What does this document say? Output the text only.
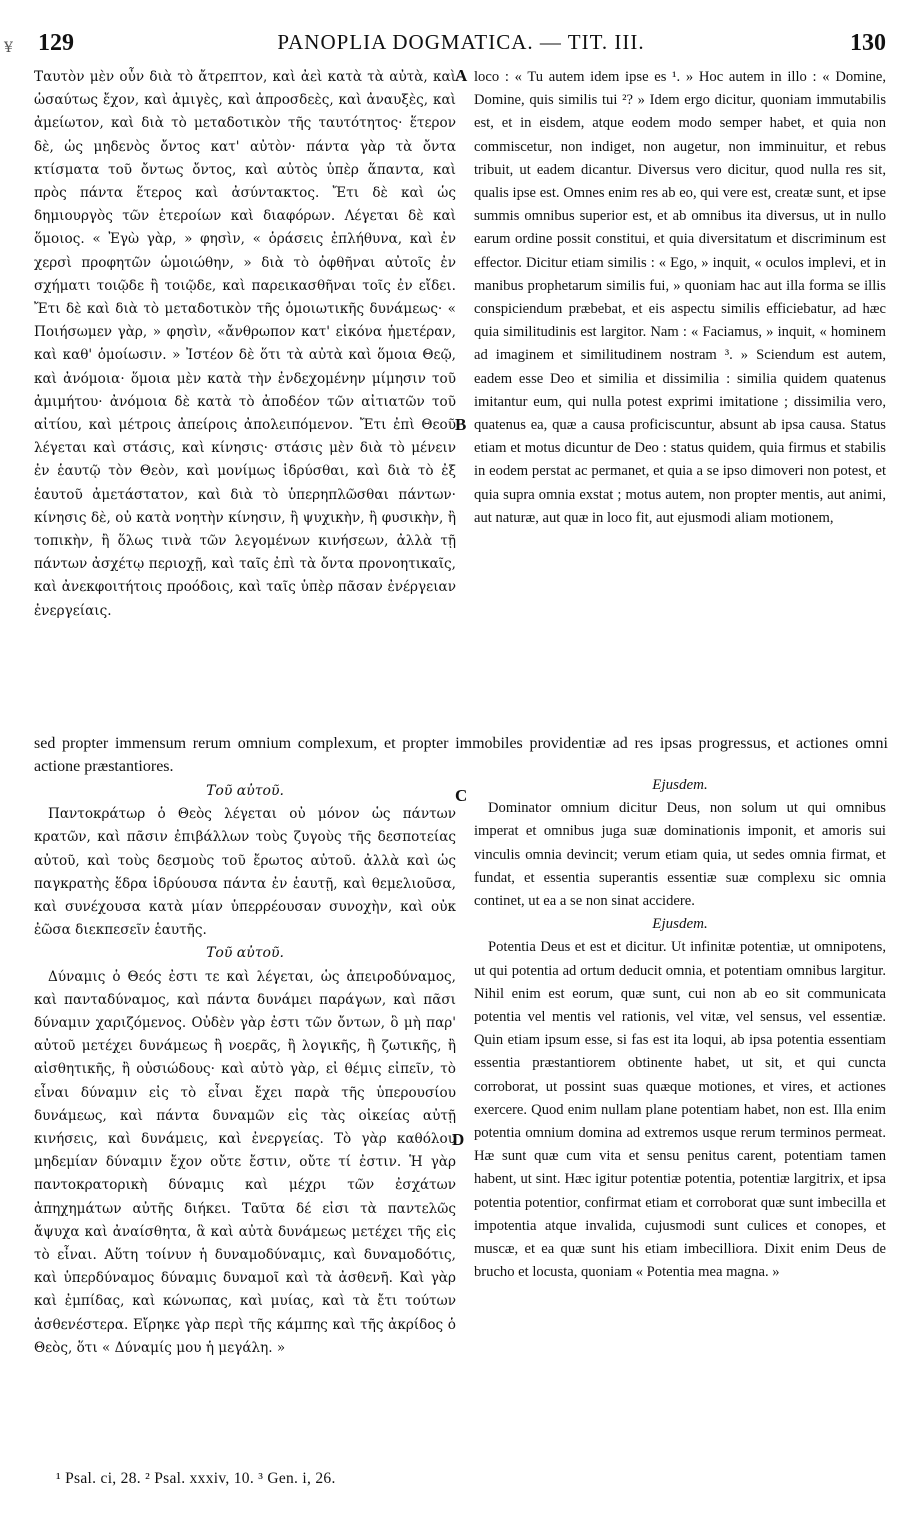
¥ 129	PANOPLIA DOGMATICA. — TIT. III.	130

Ταυτὸν μὲν οὖν διὰ τὸ ἄτρεπτον, καὶ ἀεὶ κατὰ τὰ αὐτὰ, καὶ ὡσαύτως ἔχον, καὶ ἀμιγὲς, καὶ ἀπροσδεὲς, καὶ ἀναυξὲς, καὶ ἀμείωτον, καὶ διὰ τὸ μεταδοτικὸν τῆς ταυτότητος· ἕτερον δὲ, ὡς μηδενὸς ὄντος κατ' αὐτὸν· πάντα γὰρ τὰ ὄντα κτίσματα τοῦ ὄντως ὄντος, καὶ αὐτὸς ὑπὲρ ἅπαντα, καὶ πρὸς πάντα ἕτερος καὶ ἀσύντακτος. Ἔτι δὲ καὶ ὡς δημιουργὸς τῶν ἑτεροίων καὶ διαφόρων. Λέγεται δὲ καὶ ὅμοιος. « Ἐγὼ γὰρ, » φησὶν, « ὁράσεις ἐπλήθυνα, καὶ ἐν χερσὶ προφητῶν ὡμοιώθην, » διὰ τὸ ὀφθῆναι αὐτοῖς ἐν σχήματι τοιῷδε ἢ τοιῷδε, καὶ παρεικασθῆναι τοῖς ἐν εἴδει. Ἔτι δὲ καὶ διὰ τὸ μεταδοτικὸν τῆς ὁμοιωτικῆς δυνάμεως· « Ποιήσωμεν γὰρ, » φησὶν, «ἄνθρωπον κατ' εἰκόνα ἡμετέραν, καὶ καθ' ὁμοίωσιν. » Ἰστέον δὲ ὅτι τὰ αὐτὰ καὶ ὅμοια Θεῷ, καὶ ἀνόμοια· ὅμοια μὲν κατὰ τὴν ἐνδεχομένην μίμησιν τοῦ ἀμιμήτου· ἀνόμοια δὲ κατὰ τὸ ἀποδέον τῶν αἰτιατῶν τοῦ αἰτίου, καὶ μέτροις ἀπείροις ἀπολειπόμενον. Ἔτι ἐπὶ Θεοῦ λέγεται καὶ στάσις, καὶ κίνησις· στάσις μὲν διὰ τὸ μένειν ἐν ἑαυτῷ τὸν Θεὸν, καὶ μονίμως ἱδρύσθαι, καὶ διὰ τὸ ἐξ ἑαυτοῦ ἀμετάστατον, καὶ διὰ τὸ ὑπερηπλῶσθαι πάντων· κίνησις δὲ, οὐ κατὰ νοητὴν κίνησιν, ἢ ψυχικὴν, ἢ φυσικὴν, ἢ τοπικὴν, ἢ ὅλως τινὰ τῶν λεγομένων κινήσεων, ἀλλὰ τῇ πάντων ἀσχέτῳ περιοχῇ, καὶ ταῖς ἐπὶ τὰ ὄντα προνοητικαῖς, καὶ ἀνεκφοιτήτοις προόδοις, καὶ ταῖς ὑπὲρ πᾶσαν ἐνέργειαν ἐνεργείαις.

loco : « Tu autem idem ipse es ¹. » Hoc autem in illo : « Domine, Domine, quis similis tui ²? » Idem ergo dicitur, quoniam immutabilis est, et in eisdem, atque eodem modo semper habet, et quia non commiscetur, non indiget, non augetur, non imminuitur, et rebus tribuit, ut eadem dicantur. Diversus vero dicitur, quod nulla res sit, qualis ipse est. Omnes enim res ab eo, qui vere est, creatæ sunt, et ipse summis omnibus superior est, et ab omnibus ita diversus, ut in nullo earum ordine possit constitui, et quia diversitatum et discriminum est effector. Dicitur etiam similis : « Ego, » inquit, « oculos implevi, et in manibus prophetarum similis fui, » quoniam hac aut illa forma se illis conspiciendum præbebat, et eis aspectu similis efficiebatur, ad hæc quia similitudinis est largitor. Nam : « Faciamus, » inquit, « hominem ad imaginem et similitudinem nostram ³. » Sciendum est autem, eadem esse Deo et similia et dissimilia : similia quidem quatenus imitantur eum, qui nulla potest exprimi imitatione ; dissimilia vero, quatenus ea, quæ a causa proficiscuntur, absunt ab ipsa causa. Status etiam et motus dicuntur de Deo : status quidem, quia firmus et stabilis in eodem perstat ac permanet, et quia a se ipso dimoveri non potest, et quia supra omnia exstat ; motus autem, non propter mentis, aut animi, aut naturæ, aut quæ in loco fit, aut ejusmodi aliam motionem,

A
B
sed propter immensum rerum omnium complexum, et propter immobiles providentiæ ad res ipsas progressus, et actiones omni actione præstantiores.
C
Τοῦ αὐτοῦ.

Παντοκράτωρ ὁ Θεὸς λέγεται οὐ μόνον ὡς πάντων κρατῶν, καὶ πᾶσιν ἐπιβάλλων τοὺς ζυγοὺς τῆς δεσποτείας αὐτοῦ, καὶ τοὺς δεσμοὺς τοῦ ἔρωτος αὐτοῦ. ἀλλὰ καὶ ὡς παγκρατὴς ἕδρα ἱδρύουσα πάντα ἐν ἑαυτῇ, καὶ θεμελιοῦσα, καὶ συνέχουσα κατὰ μίαν ὑπερρέουσαν συνοχὴν, καὶ οὐκ ἐῶσα διεκπεσεῖν ἑαυτῆς.

Τοῦ αὐτοῦ.

Δύναμις ὁ Θεός ἐστι τε καὶ λέγεται, ὡς ἀπειροδύναμος, καὶ πανταδύναμος, καὶ πάντα δυνάμει παράγων, καὶ πᾶσι δύναμιν χαριζόμενος. Οὐδὲν γὰρ ἐστι τῶν ὄντων, ὃ μὴ παρ' αὐτοῦ μετέχει δυνάμεως ἢ νοερᾶς, ἢ λογικῆς, ἢ ζωτικῆς, ἢ αἰσθητικῆς, ἢ οὐσιώδους· καὶ αὐτὸ γὰρ, εἰ θέμις εἰπεῖν, τὸ εἶναι δύναμιν εἰς τὸ εἶναι ἔχει παρὰ τῆς ὑπερουσίου δυνάμεως, καὶ πάντα δυναμῶν εἰς τὰς οἰκείας αὐτῇ κινήσεις, καὶ δυνάμεις, καὶ ἐνεργείας. Τὸ γὰρ καθόλου μηδεμίαν δύναμιν ἔχον οὔτε ἔστιν, οὔτε τί ἐστιν. Ἡ γὰρ παντοκρατορικὴ δύναμις καὶ μέχρι τῶν ἐσχάτων ἀπηχημάτων αὐτῆς διήκει. Ταῦτα δέ εἰσι τὰ παντελῶς ἄψυχα καὶ ἀναίσθητα, ἃ καὶ αὐτὰ δυνάμεως μετέχει τῆς εἰς τὸ εἶναι. Αὕτη τοίνυν ἡ δυναμοδύναμις, καὶ δυναμοδότις, καὶ ὑπερδύναμος δύναμις δυναμοῖ καὶ τὰ ἀσθενῆ. Καὶ γὰρ καὶ ἐμπίδας, καὶ κώνωπας, καὶ μυίας, καὶ τὰ ἔτι τούτων ἀσθενέστερα. Εἴρηκε γὰρ περὶ τῆς κάμπης καὶ τῆς ἀκρίδος ὁ Θεὸς, ὅτι « Δύναμίς μου ἡ μεγάλη. »

Ejusdem.

Dominator omnium dicitur Deus, non solum ut qui omnibus imperat et omnibus juga suæ dominationis imponit, et amoris sui vinculis omnia devincit; verum etiam quia, ut sedes omnia firmat, et fundat, et essentia superantis essentiæ suæ complexu sic omnia continet, ut ea a se non sinat accidere.

Ejusdem.

Potentia Deus et est et dicitur. Ut infinitæ potentiæ, ut omnipotens, ut qui potentia ad ortum deducit omnia, et potentiam omnibus largitur. Nihil enim est eorum, quæ sunt, cui non ab eo sit communicata potentia vel mentis vel rationis, vel vitæ, vel sensus, vel essentiæ. Quin etiam ipsum esse, si fas est ita loqui, ab ipsa potentia essentiam essentia præstantiorem obtinente habet, ut sit, et qui cuncta corroborat, ut possint suas quæque motiones, et vires, et actiones exercere. Quod enim nullam plane potentiam habet, non est. Illa enim potentia omnium domina ad extremos usque rerum terminos permeat. Hæ sunt quæ cum vita et sensu penitus carent, potentiam tamen habent, ut sint. Hæc igitur potentiæ potentia, potentiæ largitrix, et ipsa potentia potentior, confirmat etiam et corroborat quæ sunt imbecilla et impotentia atque invalida, cujusmodi sunt culices et conopes, et muscæ, et ea quæ sunt his etiam imbecilliora. Dixit enim Deus de bruchо et locusta, quoniam « Potentia mea magna. »

D
¹ Psal. ci, 28. ² Psal. xxxiv, 10. ³ Gen. i, 26.
